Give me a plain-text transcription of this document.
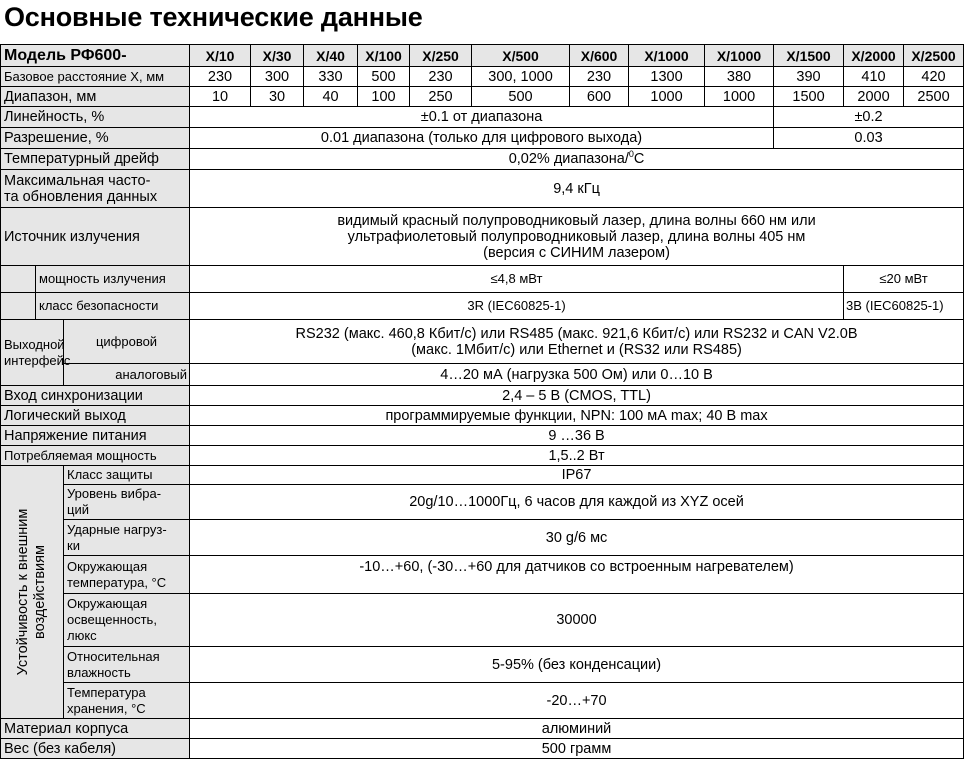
Основные технические данные
Модель РФ600-			X/10	X/30	X/40	X/100	X/250	X/500	X/600	X/1000	X/1000	X/1500	X/2000	X/2500
Базовое расстояние X, мм			230	300	330	500	230	300, 1000	230	1300	380	390	410	420
Диапазон, мм			10	30	40	100	250	500	600	1000	1000	1500	2000	2500
Линейность, %			±0.1 от диапазона									±0.2		
Разрешение, %			0.01 диапазона (только для цифрового выхода)									0.03		
Температурный дрейф			0,02% диапазона/$^0$C											
Максимальная часто-
та обновления данных			9,4 кГц											
Источник излучения			видимый красный полупроводниковый лазер, длина волны 660 нм или
ультрафиолетовый полупроводниковый лазер, длина волны 405 нм
(версия с СИНИМ лазером)											
	мощность излучения		≤4,8 мВт										≤20 мВт	
	класс безопасности		3R (IEC60825-1)										3B (IEC60825-1)	
Выходной
интерфейс		цифровой	RS232 (макс. 460,8 Кбит/с) или RS485 (макс. 921,6 Кбит/с) или RS232 и CAN V2.0B
(макс. 1Мбит/с) или Ethernet и (RS32 или RS485)											
		аналоговый	4…20 мА (нагрузка 500 Ом) или 0…10 В											
Вход синхронизации			2,4 – 5 В (CMOS, TTL)											
Логический выход			программируемые функции, NPN: 100 мА max; 40 В max											
Напряжение питания			9 …36 В											
Потребляемая мощность			1,5..2 Вт											

Устойчивость к внешним
воздействиям		Класс защиты	IP67											
		Уровень вибра-
ций	20g/10…1000Гц, 6 часов для каждой из XYZ осей											
		Ударные нагруз-
ки	30 g/6 мс											
		Окружающая
температура, °С	-10…+60, (-30…+60 для датчиков со встроенным нагревателем)											
		Окружающая
освещенность,
люкс	30000											
		Относительная
влажность	5-95% (без конденсации)											
		Температура
хранения, °С	-20…+70											
Материал корпуса			алюминий											
Вес (без кабеля)			500 грамм											
